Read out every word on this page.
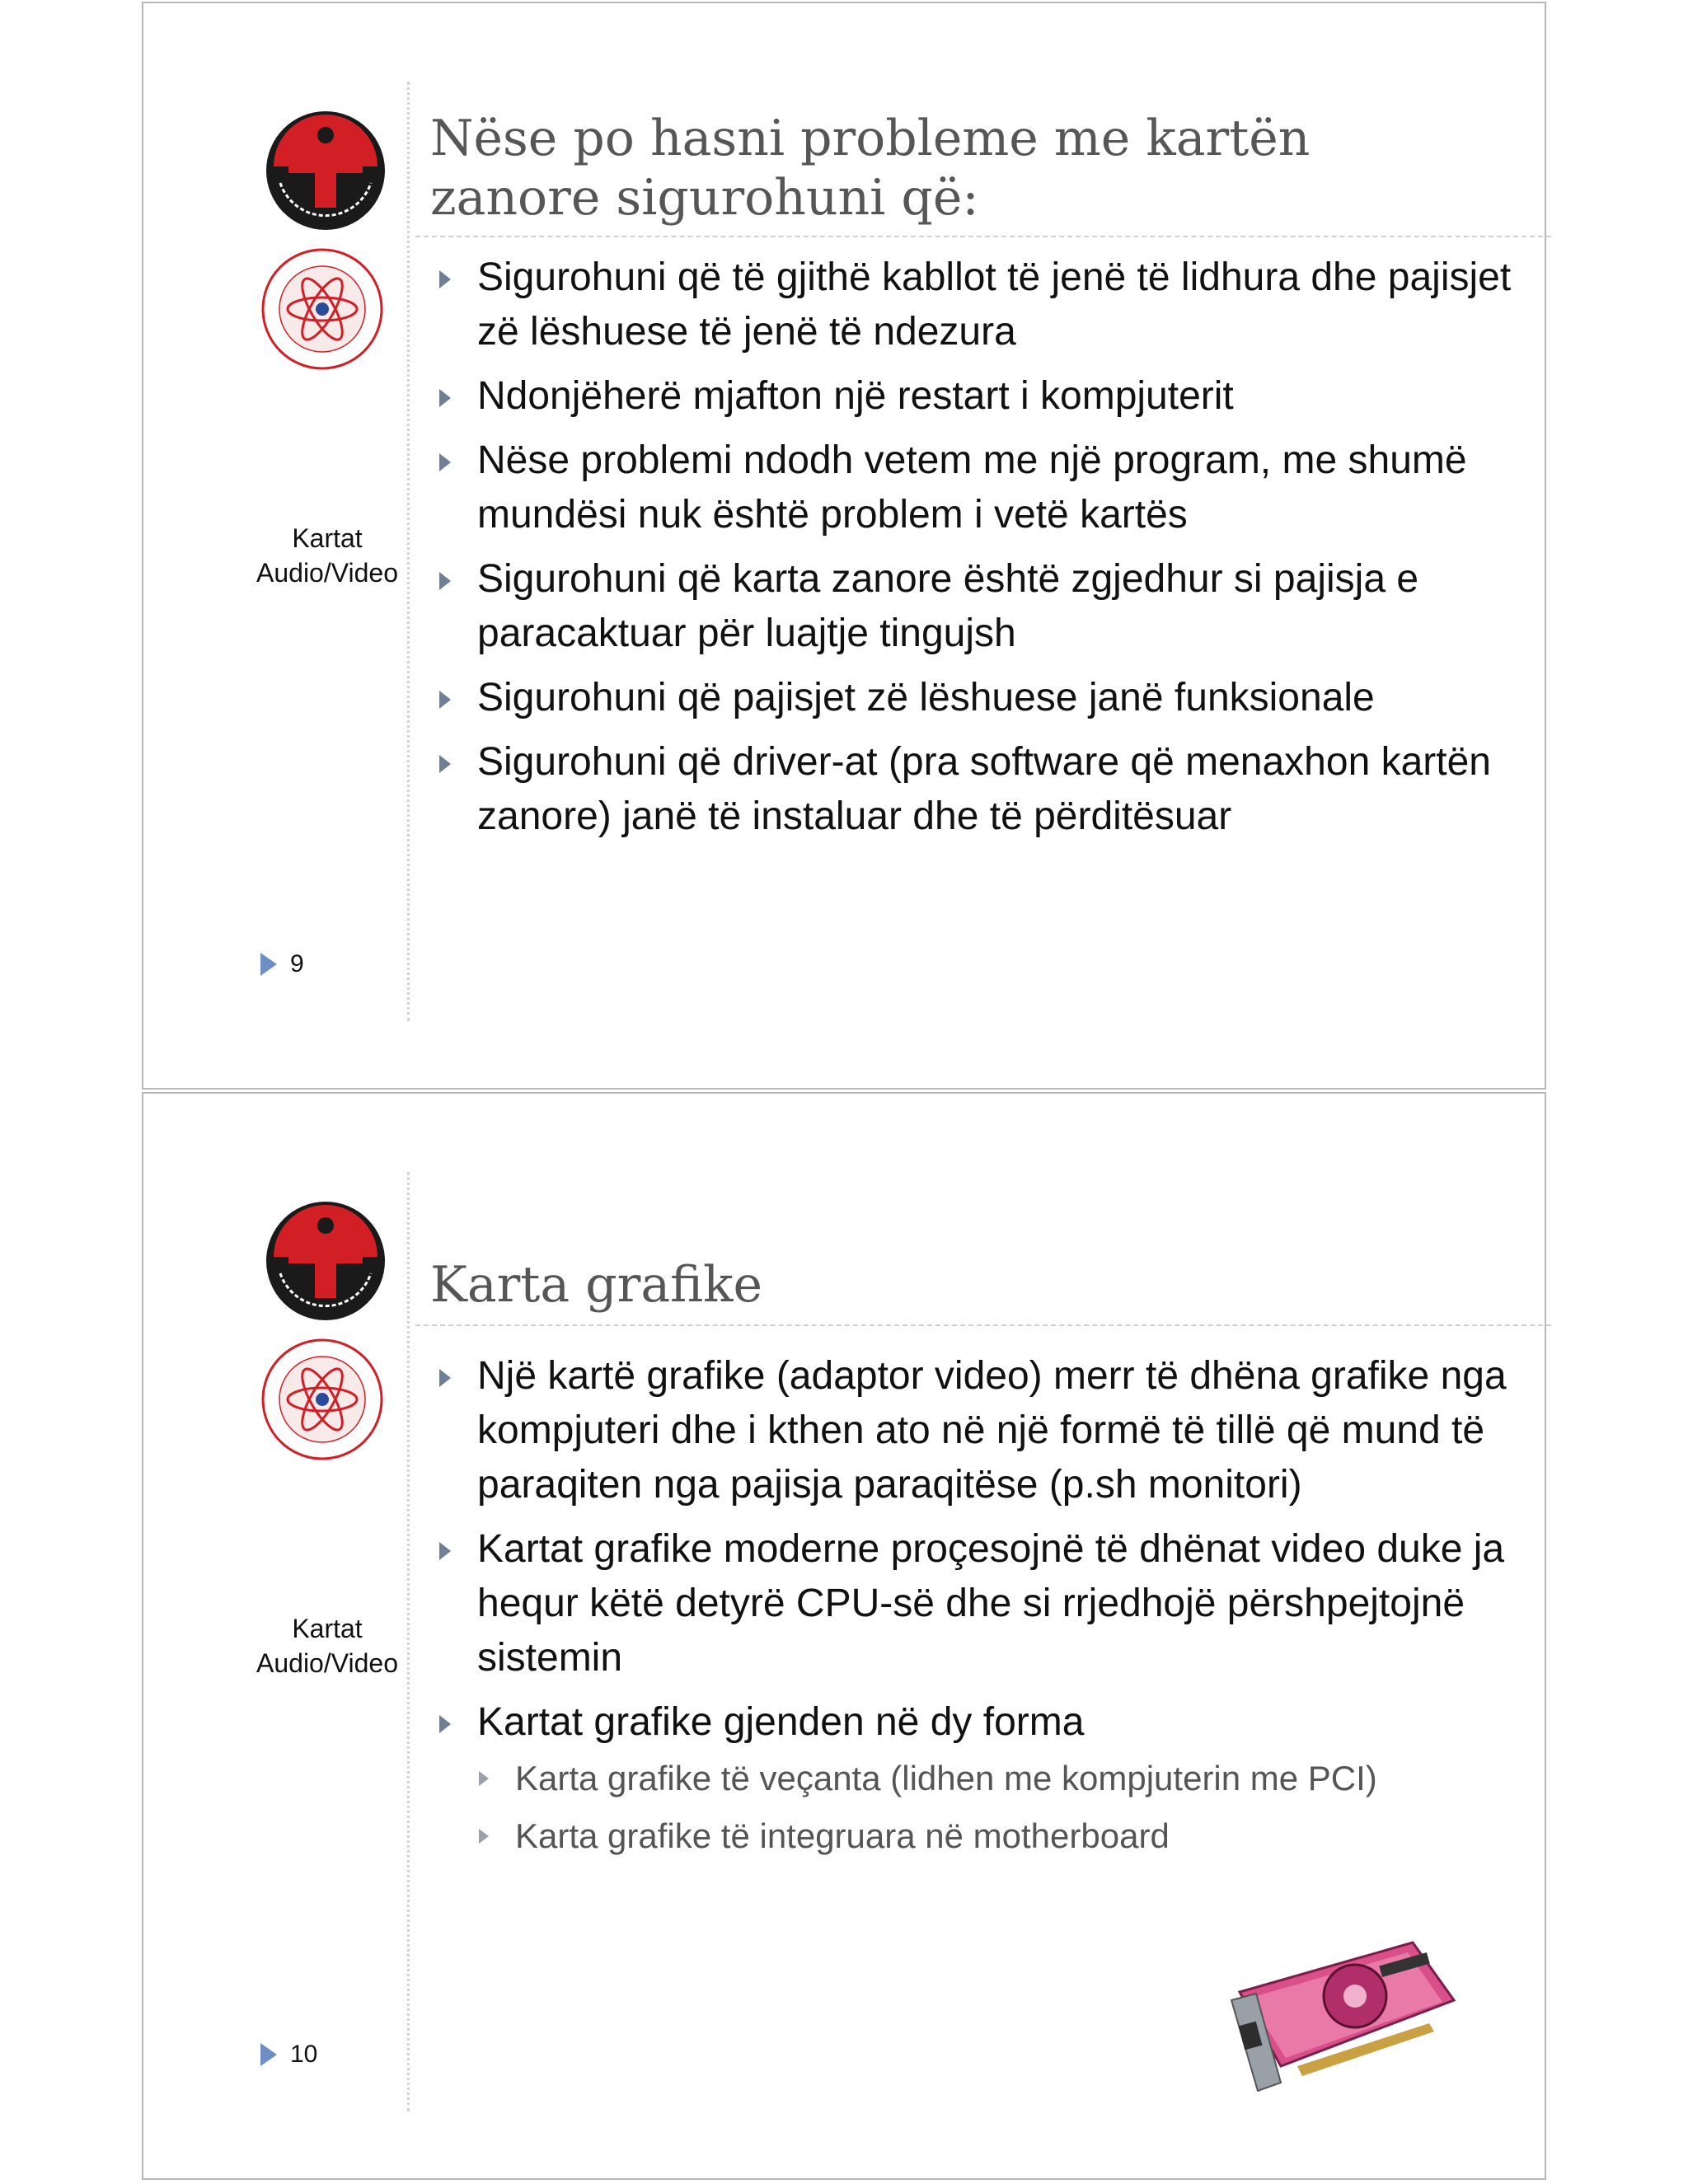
Kartat
Audio/Video
9
Nëse po hasni probleme me kartën
zanore sigurohuni që:
Sigurohuni që të gjithë kabllot të jenë të lidhura dhe pajisjet zë lëshuese të jenë të ndezura
Ndonjëherë mjafton një restart i kompjuterit
Nëse problemi ndodh vetem me një program, me shumë mundësi nuk është problem i vetë kartës
Sigurohuni që karta zanore është zgjedhur si pajisja e paracaktuar për luajtje tingujsh
Sigurohuni që pajisjet zë lëshuese janë funksionale
Sigurohuni që driver-at (pra software që menaxhon kartën zanore) janë të instaluar dhe të përditësuar
Kartat
Audio/Video
10
Karta grafike
Një kartë grafike (adaptor video) merr të dhëna grafike nga kompjuteri dhe i kthen ato në një formë të tillë që mund të paraqiten nga pajisja paraqitëse (p.sh monitori)
Kartat grafike moderne proçesojnë të dhënat video duke ja hequr këtë detyrë CPU-së dhe si rrjedhojë përshpejtojnë sistemin
Kartat grafike gjenden në dy forma
Karta grafike të veçanta (lidhen me kompjuterin me PCI)
Karta grafike të integruara në motherboard
